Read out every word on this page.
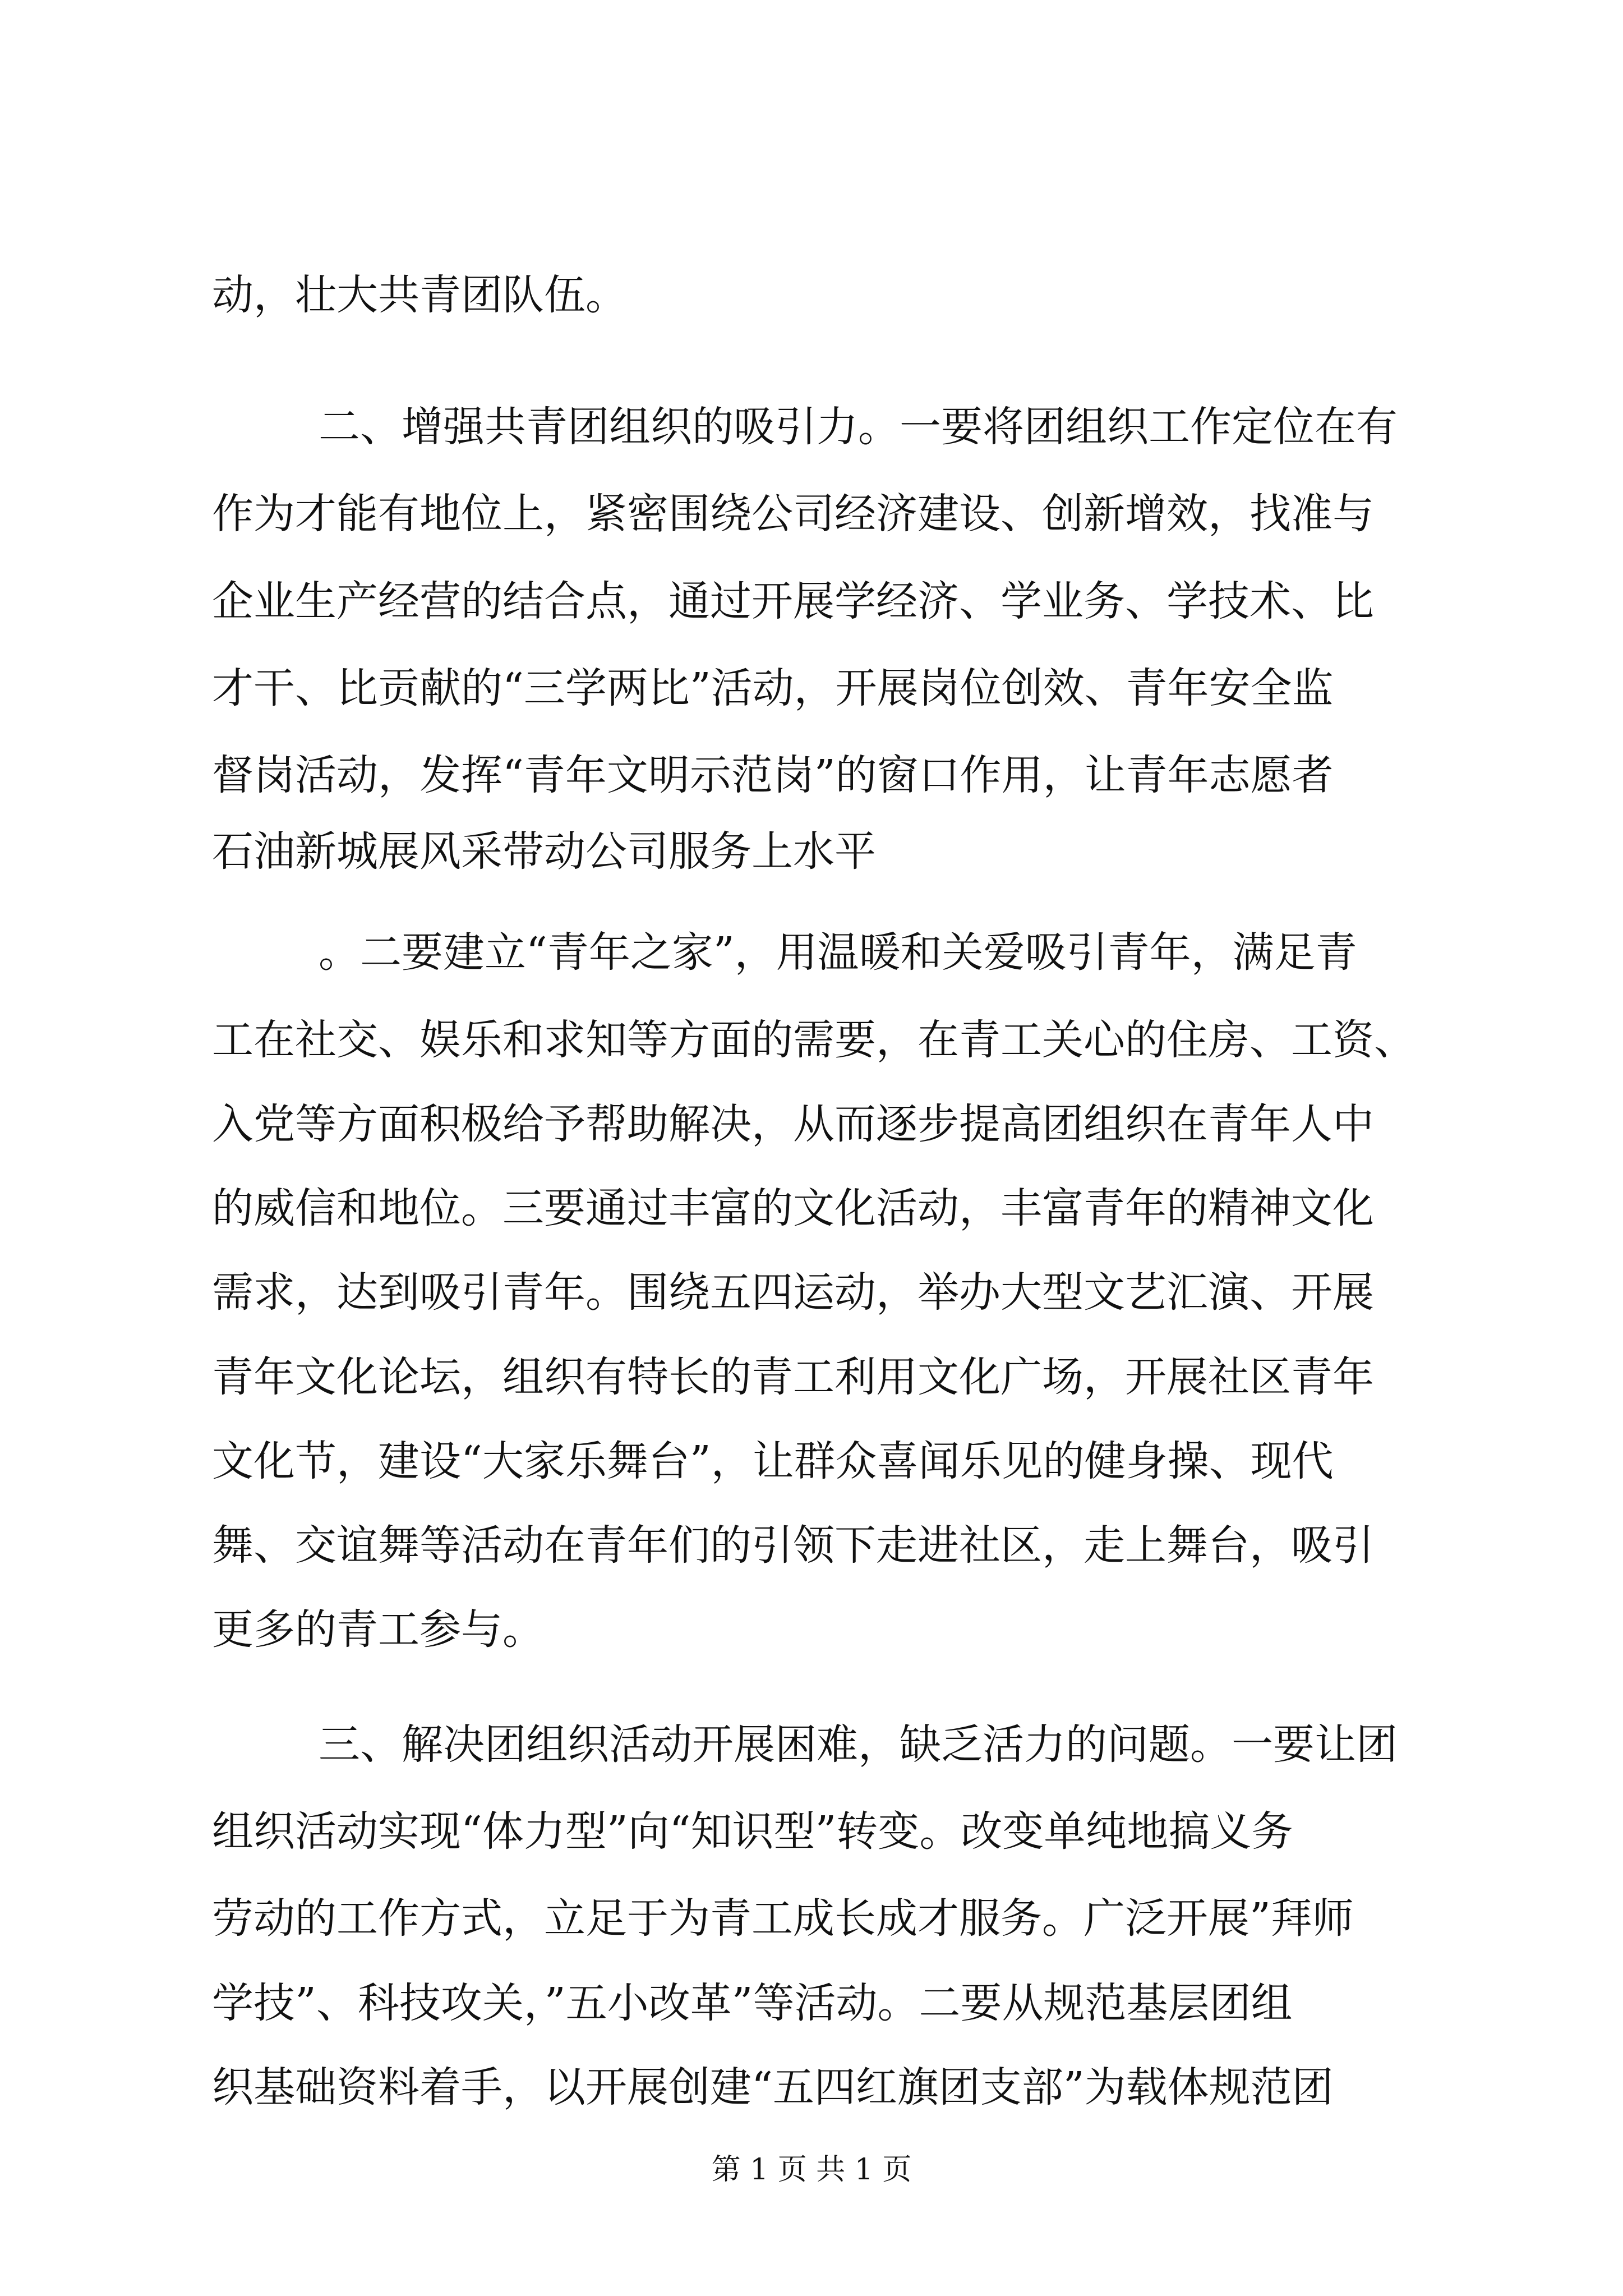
动，壮大共青团队伍。
二、增强共青团组织的吸引力。一要将团组织工作定位在有
作为才能有地位上，紧密围绕公司经济建设、创新增效，找准与
企业生产经营的结合点，通过开展学经济、学业务、学技术、比
才干、比贡献的“三学两比”活动，开展岗位创效、青年安全监
督岗活动，发挥“青年文明示范岗”的窗口作用，让青年志愿者
石油新城展风采带动公司服务上水平
。二要建立“青年之家”，用温暖和关爱吸引青年，满足青
工在社交、娱乐和求知等方面的需要，在青工关心的住房、工资、
入党等方面积极给予帮助解决，从而逐步提高团组织在青年人中
的威信和地位。三要通过丰富的文化活动，丰富青年的精神文化
需求，达到吸引青年。围绕五四运动，举办大型文艺汇演、开展
青年文化论坛，组织有特长的青工利用文化广场，开展社区青年
文化节，建设“大家乐舞台”，让群众喜闻乐见的健身操、现代
舞、交谊舞等活动在青年们的引领下走进社区，走上舞台，吸引
更多的青工参与。
三、解决团组织活动开展困难，缺乏活力的问题。一要让团
组织活动实现“体力型”向“知识型”转变。改变单纯地搞义务
劳动的工作方式，立足于为青工成长成才服务。广泛开展”拜师
学技”、科技攻关，”五小改革”等活动。二要从规范基层团组
织基础资料着手，以开展创建“五四红旗团支部”为载体规范团
第 1 页 共 1 页
